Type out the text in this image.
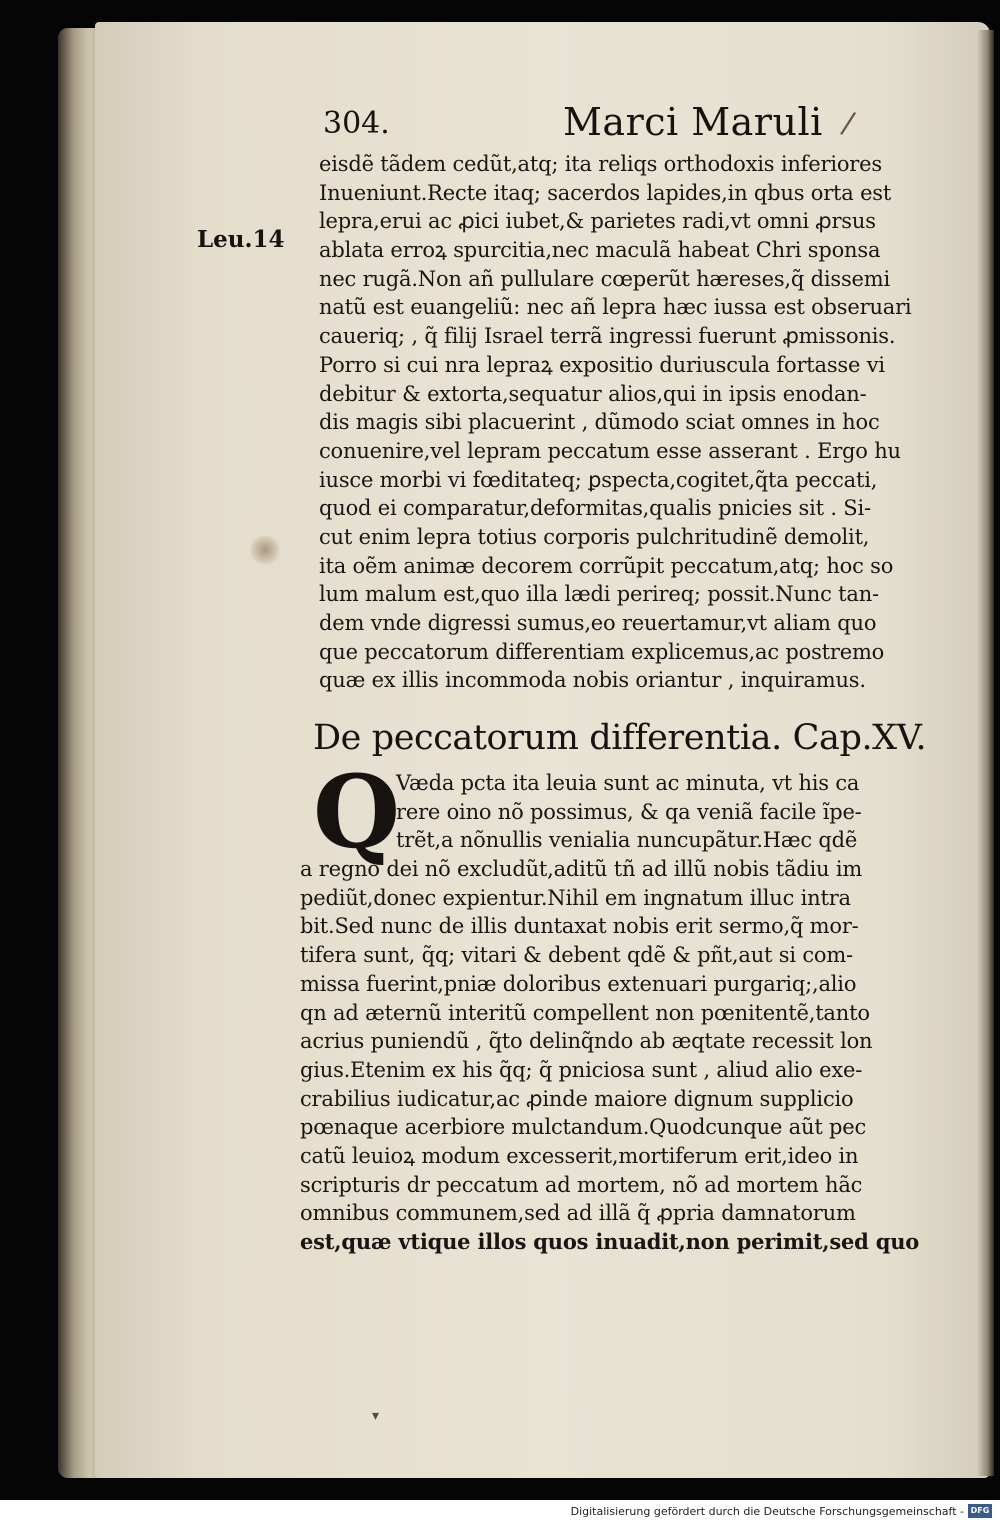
▾
304.	Marci Maruli /
Leu.14
eisdẽ tãdem cedũt,atq; ita reliqs orthodoxis inferiores
Inueniunt.Recte itaq; sacerdos lapides,in qbus orta est
lepra,erui ac ꝓici iubet,& parietes radi,vt omni ꝓrsus
ablata erroꝝ spurcitia,nec maculã habeat Chri sponsa
nec rugã.Non añ pullulare cœperũt hæreses,q̃ dissemi
natũ est euangeliũ: nec añ lepra hæc iussa est obseruari
caueriq; , q̃ filij Israel terrã ingressi fuerunt ꝓmissonis.
Porro si cui nra lepraꝝ expositio duriuscula fortasse vi
debitur & extorta,sequatur alios,qui in ipsis enodan-
dis magis sibi placuerint , dũmodo sciat omnes in hoc
conuenire,vel lepram peccatum esse asserant . Ergo hu
iusce morbi vi fœditateq; ꝑspecta,cogitet,q̃ta peccati,
quod ei comparatur,deformitas,qualis pnicies sit . Si-
cut enim lepra totius corporis pulchritudinẽ demolit,
ita oẽm animæ decorem corrũpit peccatum,atq; hoc so
lum malum est,quo illa lædi perireq; possit.Nunc tan-
dem vnde digressi sumus,eo reuertamur,vt aliam quo
que peccatorum differentiam explicemus,ac postremo
quæ ex illis incommoda nobis oriantur , inquiramus.
De peccatorum differentia. Cap.XV.
Q
Væda pcta ita leuia sunt ac minuta, vt his ca
rere oino nõ possimus, & qa veniã facile ĩpe-
trẽt,a nõnullis venialia nuncupãtur.Hæc qdẽ
a regno dei nõ excludũt,aditũ tñ ad illũ nobis tãdiu im
pediũt,donec expientur.Nihil em ingnatum illuc intra
bit.Sed nunc de illis duntaxat nobis erit sermo,q̃ mor-
tifera sunt, q̃q; vitari & debent qdẽ & pñt,aut si com-
missa fuerint,pniæ doloribus extenuari purgariq;,alio
qn ad æternũ interitũ compellent non pœnitentẽ,tanto
acrius puniendũ , q̃to delinq̃ndo ab æqtate recessit lon
gius.Etenim ex his q̃q; q̃ pniciosa sunt , aliud alio exe-
crabilius iudicatur,ac ꝓinde maiore dignum supplicio
pœnaque acerbiore mulctandum.Quodcunque aũt pec
catũ leuioꝝ modum excesserit,mortiferum erit,ideo in
scripturis dr peccatum ad mortem, nõ ad mortem hãc
omnibus communem,sed ad illã q̃ ꝓpria damnatorum
est,quæ vtique illos quos inuadit,non perimit,sed quo
Digitalisierung gefördert durch die Deutsche Forschungsgemeinschaft - DFG
